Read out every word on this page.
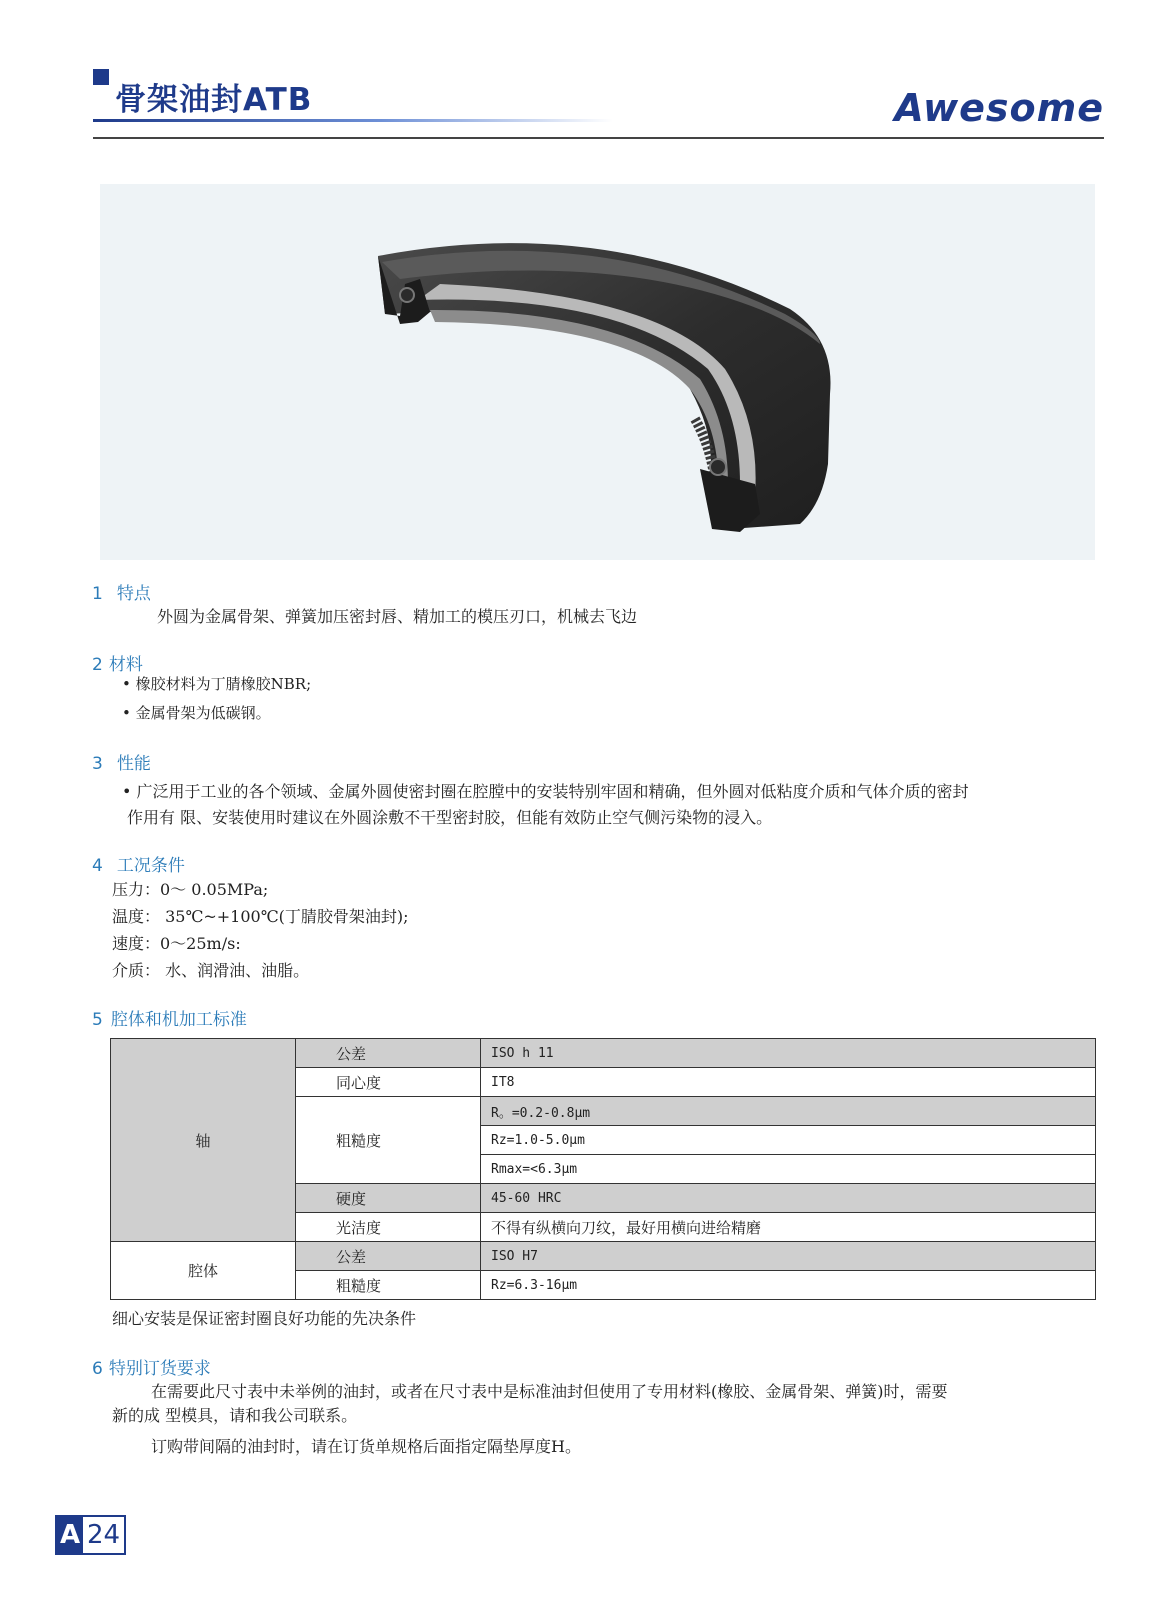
骨架油封ATB	Awesome
1 特点
外圆为金属骨架、弹簧加压密封唇、精加工的模压刃口，机械去飞边
2 材料
• 橡胶材料为丁腈橡胶NBR;
• 金属骨架为低碳钢。
3 性能
• 广泛用于工业的各个领域、金属外圆使密封圈在腔膛中的安装特别牢固和精确，但外圆对低粘度介质和气体介质的密封
作用有 限、安装使用时建议在外圆涂敷不干型密封胶，但能有效防止空气侧污染物的浸入。
4 工况条件
压力：0～ 0.05MPa;
温度： 35℃~+100℃(丁腈胶骨架油封);
速度：0～25m/s:
介质： 水、润滑油、油脂。
5 腔体和机加工标准
轴	公差	ISO h 11
	同心度	IT8
	粗糙度	R。=0.2-0.8μm
		Rz=1.0-5.0μm
		Rmax=<6.3μm
	硬度	45-60 HRC
	光洁度	不得有纵横向刀纹，最好用横向进给精磨
腔体	公差	ISO H7
	粗糙度	Rz=6.3-16μm
细心安装是保证密封圈良好功能的先决条件
6 特别订货要求
在需要此尺寸表中未举例的油封，或者在尺寸表中是标准油封但使用了专用材料(橡胶、金属骨架、弹簧)时，需要
新的成 型模具，请和我公司联系。
订购带间隔的油封时，请在订货单规格后面指定隔垫厚度H。
A 24
